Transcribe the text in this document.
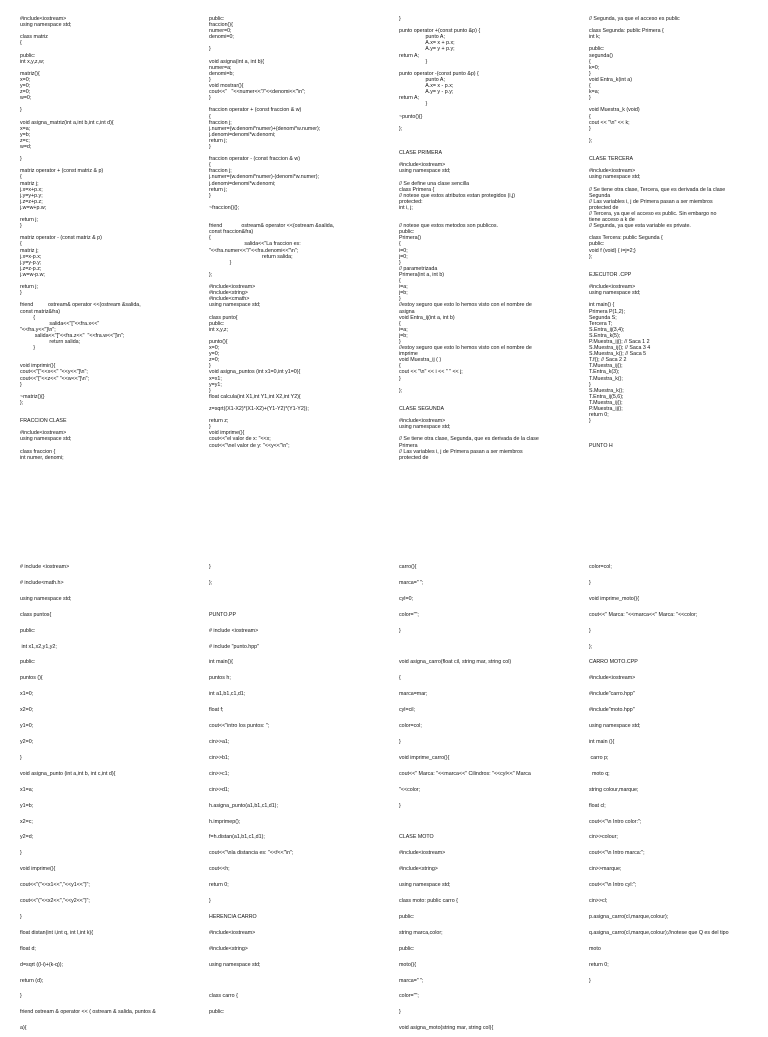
#include<iostream>
using namespace std;

class matriz
{

public:
int x,y,z,w;

matriz(){
x=0;
y=0;
z=0;
w=0;

}

void asigna_matriz(int a,int b,int c,int d){
x=a;
y=b;
z=c;
w=d;

}

matriz operator + (const matriz & p)
{
matriz j;
j.x=x+p.x;
j.y=y+p.y;
j.z=z+p.z;
j.w=w+p.w;

return j;
}

matriz operator - (const matriz & p)
{
matriz j;
j.x=x-p.x;
j.y=y-p.y;
j.z=z-p.z;
j.w=w-p.w;

return j;
}

friend          ostream& operator <<(ostream &salida,
const matriz&fra)
{
salida<<"["<<fra.x<<"
"<<fra.y<<"]\n";
salida<<"["<<fra.z<<"  "<<fra.w<<"]\n";
return salida;
}

void imprimir(){
cout<<"["<<x<<" "<<y<<"]\n";
cout<<"["<<z<<" "<<w<<"]\n";
}

~matriz(){}
};

FRACCION CLASE

#include<iostream>
using namespace std;

class fraccion {
int numer, denomi;
public:
fraccion(){
numer=0;
denomi=0;

}

void asigna(int a, int b){
numer=a;
denomi=b;
}
void mostrar(){
cout<<"   "<<numer<<"/"<<denomi<<"\n";
}

fraccion operator + (const fraccion & w)
{
fraccion j;
j.numer=(w.denomi*numer)+(denomi*w.numer);
j.denomi=denomi*w.denomi;
return j;
}

fraccion operator - (const fraccion & w)
{
fraccion j;
j.numer=(w.denomi*numer)-(denomi*w.numer);
j.denomi=denomi*w.denomi;
return j;
}

~fraccion(){};

friend             ostream& operator <<(ostream &salida,
const fraccion&fra)
{
salida<<"La fraccion es:
"<<fra.numer<<"/"<<fra.denomi<<"\n";
return salida;
}

};

#include<iostream>
#include<string>
#include<cmath>
using namespace std;

class punto{
public:
int x,y,z;

punto(){
x=0;
y=0;
z=0;
}
void asigna_puntos (int x1=0,int y1=0){
x=x1;
y=y1;
}
float calcula(int X1,int Y1,int X2,int Y2){

z=sqrt((X1-X2)*(X1-X2)+(Y1-Y2)*(Y1-Y2));

return z;
}
void imprime(){
cout<<"el valor de x: "<<x;
cout<<"\nel valor de y: "<<y<<"\n";
}

punto operator +(const punto &p) {
punto A;
A.x= x + p.x;
A.y= y + p.y;
return A;
}

punto operator -(const punto &p) {
punto A;
A.x= x - p.x;
A.y= y - p.y;
return A;
}

~punto(){}

};

CLASE PRIMERA

#include<iostream>
using namespace std;

// Se define una clase sencilla
class Primera {
// notese que estos atributos estan protegidos (i,j)
protected:
int i, j;

// notese que estos metodos son publicos.
public:
Primera()
{
i=0;
j=0;
}
// parametrizada
Primera(int a, int b)
{
i=a;
j=b;
}
//estoy seguro que esto lo hemos visto con el nombre de
asigna
void Entra_ij(int a, int b)
{
i=a;
j=b;
}
//estoy seguro que esto lo hemos visto con el nombre de
imprime
void Muestra_ij ( )
{
cout << "\n" << i << " " << j;
}

};

CLASE SEGUNDA

#include<iostream>
using namespace std;

// Se tiene otra clase, Segunda, que es derivada de la clase
Primera
// Las variables i, j de Primera pasan a ser miembros
protected de
// Segunda, ya que el acceso es public

class Segunda: public Primera {
int k;

public:
segunda()
{
k=0;
}
void Entra_k(int a)
{
k=a;
}

void Muestra_k (void)
{
cout << "\n" << k;
}

};

CLASE TERCERA

#include<iostream>
using namespace std;

// Se tiene otra clase, Tercera, que es derivada de la clase
Segunda
// Las variables i, j de Primera pasan a ser miembros
protected de
// Tercera, ya que el acceso es public. Sin embargo no
tiene acceso a k de
// Segunda, ya que esta variable es private.

class Tercera: public Segunda {
public:
void f (void) { i=j=2;}
};

EJECUTOR .CPP

#include<iostream>
using namespace std;

int main() {
Primera P(1,2);
Segunda S;
Tercera T;
S.Entra_ij(3,4);
S.Entra_k(5);
P.Muestra_ij(); // Saca 1 2
S.Muestra_ij(); // Saca 3 4
S.Muestra_k(); // Saca 5
T.f(); // Saca 2 2
T.Muestra_ij();
T.Entra_k(3);
T.Muestra_k();
}
S.Muestra_k();
T.Entra_ij(5,6);
T.Muestra_ij();
P.Muestra_ij();
return 0;
}

PUNTO H
# include <iostream>
# include<math.h>
using namespace std;
class puntos{
public:
int x1,x2,y1,y2;
public:
puntos (){
x1=0;
x2=0;
y1=0;
y2=0;
}
void asigna_punto (int a,int b, int c,int d){
x1=a;
y1=b;
x2=c;
y2=d;
}
void imprime(){
cout<<"("<<x1<<","<<y1<<")";
cout<<"("<<x2<<","<<y2<<")";
}
float distan(int i,int q, int l,int k){
float d;
d=sqrt ((l-i)+(k-q));
return (d);
}
friend ostream & operator << ( ostream & salida, puntos &
a){
}
};

PUNTO.PP
# include <iostream>
# include "punto.hpp"
int main(){
puntos h;
int a1,b1,c1,d1;
float f;
cout<<"intro los puntos: ";
cin>>a1;
cin>>b1;
cin>>c1;
cin>>d1;
h.asigna_punto(a1,b1,c1,d1);
h.imprimep();
f=h.distan(a1,b1,c1,d1);
cout<<"\nla distancia es: "<<f<<"\n";
cout<<h;
return 0;
}
HERENCIA CARRO
#include<iostream>
#include<string>
using namespace std;

class carro {
public:
carro(){
marca=" ";
cyl=0;
color="";
}

void asigna_carro(float cil, string mar, string col)
{
marca=mar;
cyl=cil;
color=col;
}
void imprime_carro(){
cout<<" Marca: "<<marca<<" Cilindros: "<<cyl<<" Marca
"<<color;
}

CLASE MOTO
#include<iostream>
#include<string>
using namespace std;
class moto: public carro {
public:
string marca,color;
public:
moto(){
marca=" ";
color="";
}
void asigna_moto(string mar, string col){
color=col;
}
void imprime_moto(){
cout<<" Marca: "<<marca<<" Marca: "<<color;
}
};
CARRO MOTO.CPP
#include<iostream>
#include"carro.hpp"
#include"moto.hpp"
using namespace std;
int main (){
carro p;
moto q;
string colour,marque;
float cl;
cout<<"\n Intro color:";
cin>>colour;
cout<<"\n Intro marca:";
cin>>marque;
cout<<"\n Intro cyl:";
cin>>cl;
p.asigna_carro(cl,marque,colour);
q.asigna_carro(cl,marque,colour);//notese que Q es del tipo
moto
return 0;
}
